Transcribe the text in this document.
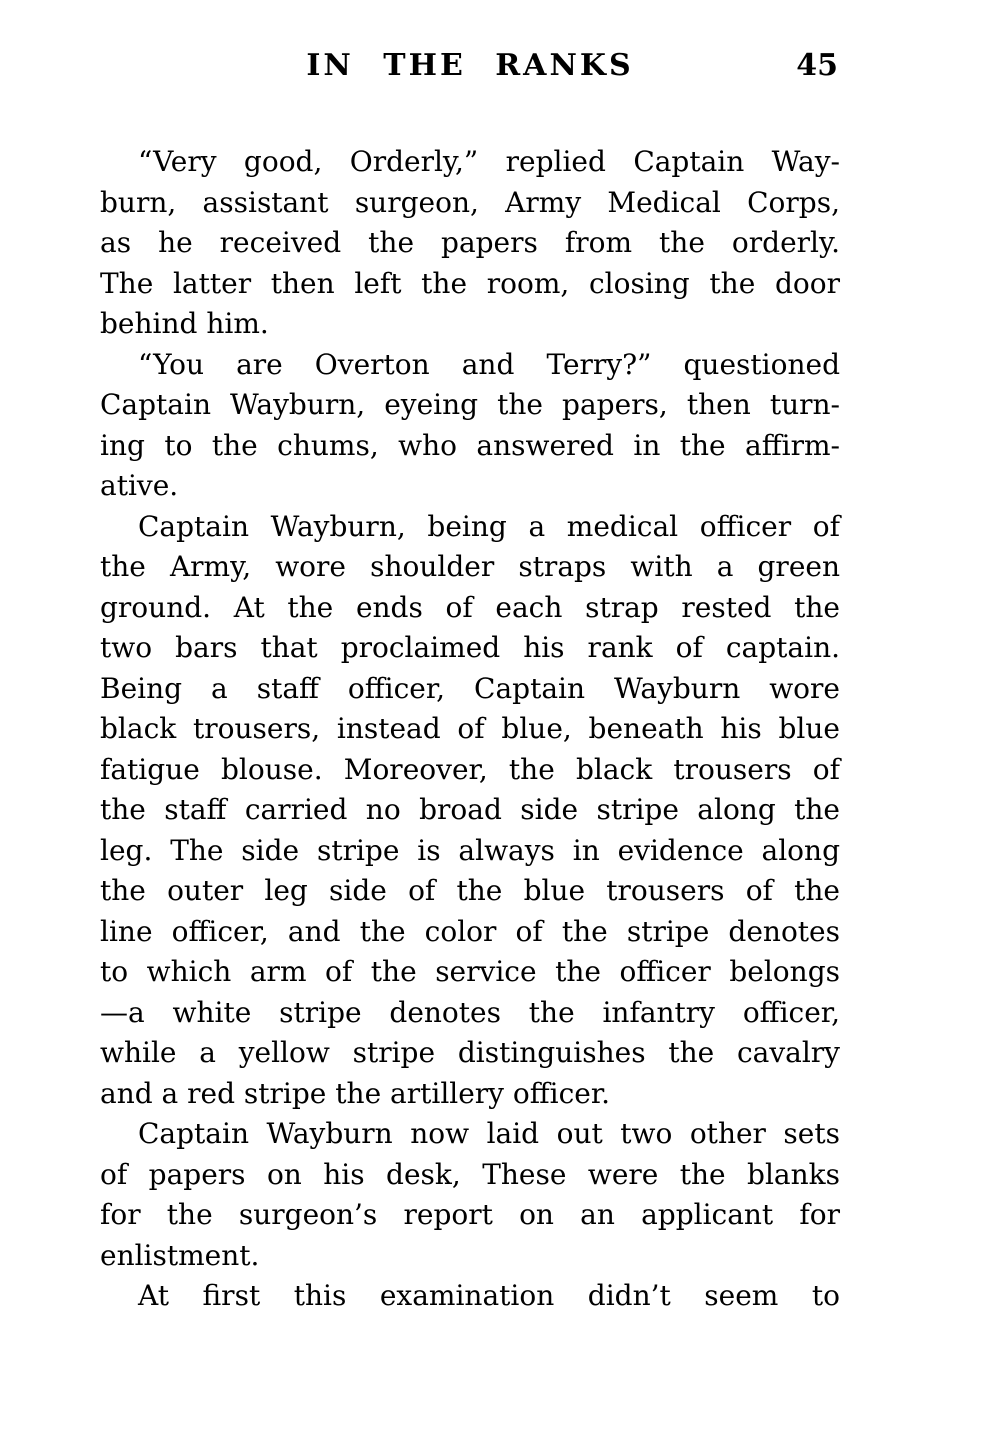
IN THE RANKS	45
“Very good, Orderly,” replied Captain Way-
burn, assistant surgeon, Army Medical Corps,
as he received the papers from the orderly.
The latter then left the room, closing the door
behind him.
“You are Overton and Terry?” questioned
Captain Wayburn, eyeing the papers, then turn-
ing to the chums, who answered in the affirm-
ative.
Captain Wayburn, being a medical officer of
the Army, wore shoulder straps with a green
ground. At the ends of each strap rested the
two bars that proclaimed his rank of captain.
Being a staff officer, Captain Wayburn wore
black trousers, instead of blue, beneath his blue
fatigue blouse. Moreover, the black trousers of
the staff carried no broad side stripe along the
leg. The side stripe is always in evidence along
the outer leg side of the blue trousers of the
line officer, and the color of the stripe denotes
to which arm of the service the officer belongs
—a white stripe denotes the infantry officer,
while a yellow stripe distinguishes the cavalry
and a red stripe the artillery officer.
Captain Wayburn now laid out two other sets
of papers on his desk, These were the blanks
for the surgeon’s report on an applicant for
enlistment.
At first this examination didn’t seem to
